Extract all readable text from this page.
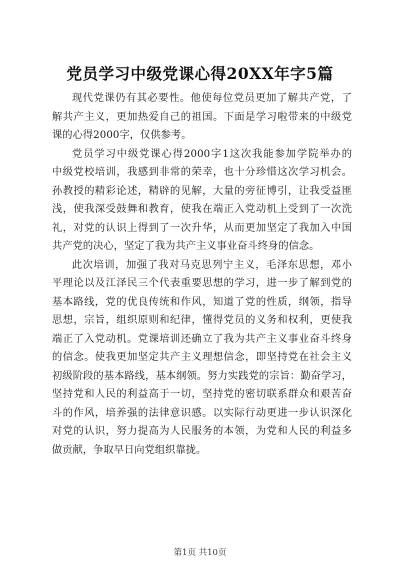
党员学习中级党课心得20XX年字5篇
现代党课仍有其必要性。他使每位党员更加了解共产党，了
解共产主义，更加热爱自己的祖国。下面是学习啦带来的中级党
课的心得2000字，仅供参考。
党员学习中级党课心得2000字1这次我能参加学院举办的
中级党校培训，我感到非常的荣幸，也十分珍惜这次学习机会。
孙教授的精彩论述，精辟的见解，大量的旁征博引，让我受益匪
浅，使我深受鼓舞和教育，使我在端正入党动机上受到了一次洗
礼，对党的认识上得到了一次升华，从而更加坚定了我加入中国
共产党的决心，坚定了我为共产主义事业奋斗终身的信念。
此次培训，加强了我对马克思列宁主义，毛泽东思想，邓小
平理论以及江泽民三个代表重要思想的学习，进一步了解到党的
基本路线，党的优良传统和作风，知道了党的性质，纲领，指导
思想，宗旨，组织原则和纪律，懂得党员的义务和权利，更使我
端正了入党动机。党课培训还确立了我为共产主义事业奋斗终身
的信念。使我更加坚定共产主义理想信念，即坚持党在社会主义
初级阶段的基本路线，基本纲领。努力实践党的宗旨：勤奋学习，
坚持党和人民的利益高于一切，坚持党的密切联系群众和艰苦奋
斗的作风，培养强的法律意识感。以实际行动更进一步认识深化
对党的认识，努力提高为人民服务的本领，为党和人民的利益多
做贡献，争取早日向党组织靠拢。
第1页 共10页
